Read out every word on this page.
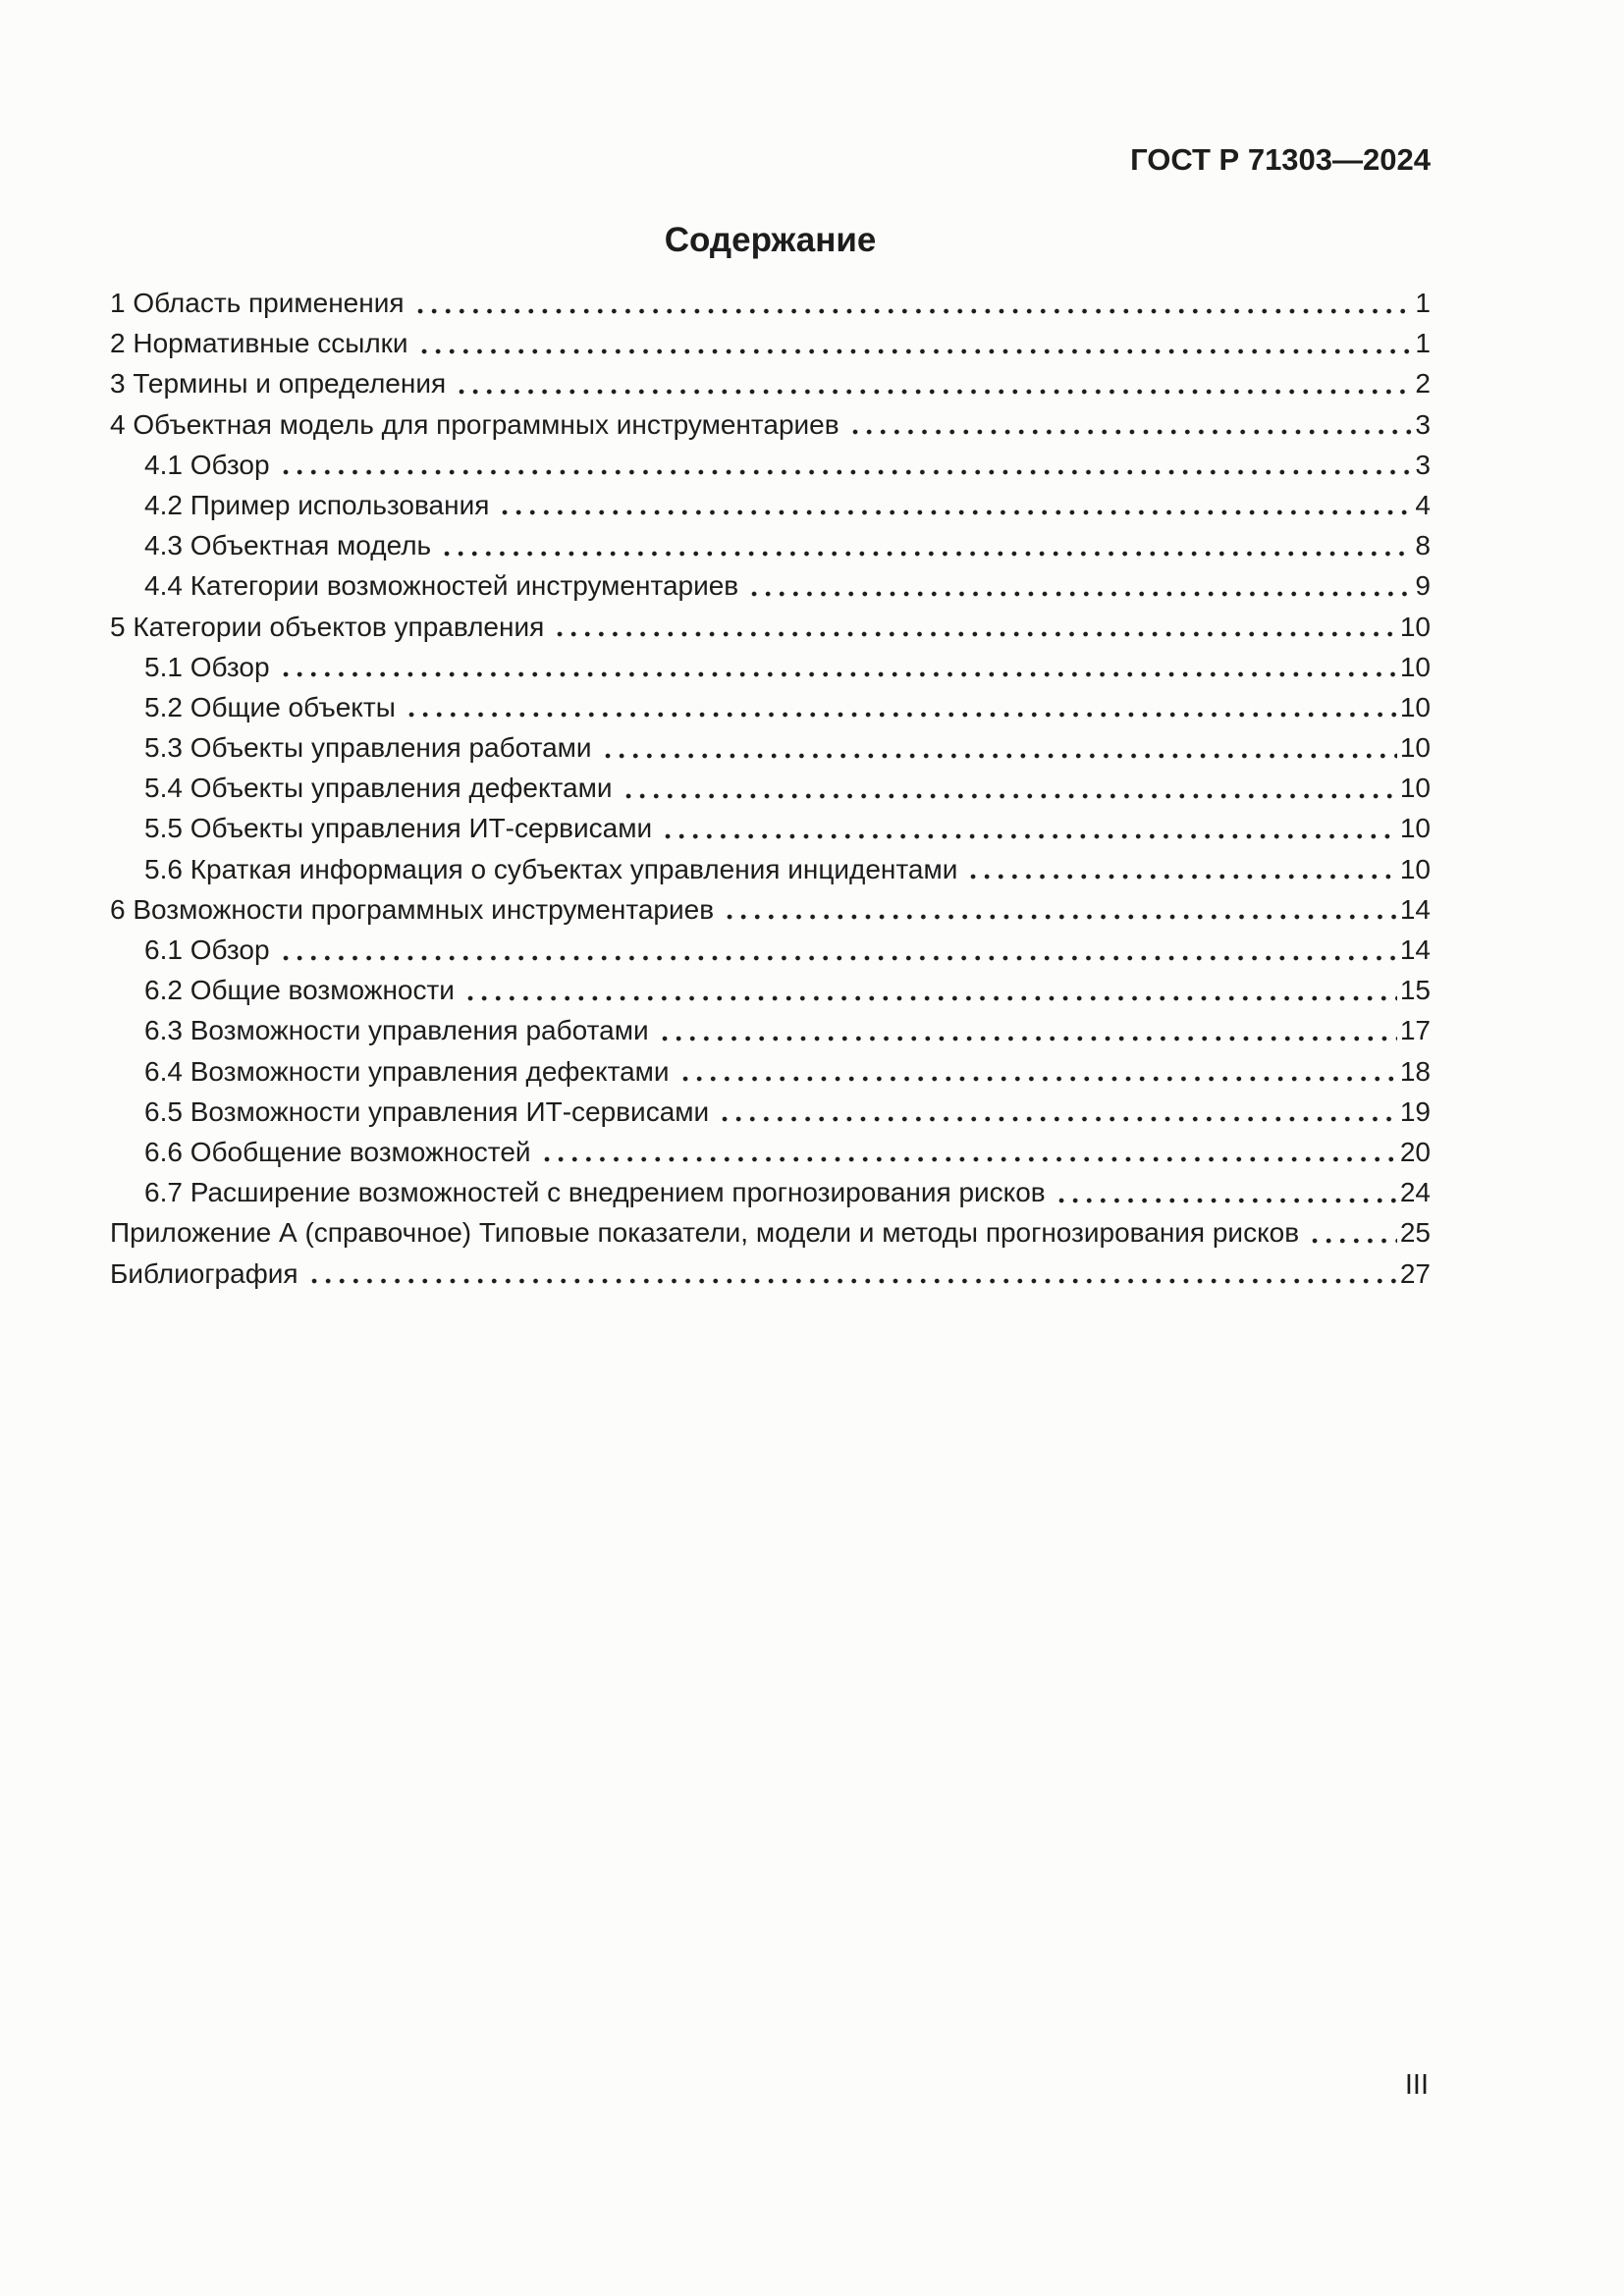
ГОСТ Р 71303—2024
Содержание
1 Область применения	1
2 Нормативные ссылки	1
3 Термины и определения	2
4 Объектная модель для программных инструментариев	3
4.1 Обзор	3
4.2 Пример использования	4
4.3 Объектная модель	8
4.4 Категории возможностей инструментариев	9
5 Категории объектов управления	10
5.1 Обзор	10
5.2 Общие объекты	10
5.3 Объекты управления работами	10
5.4 Объекты управления дефектами	10
5.5 Объекты управления ИТ-сервисами	10
5.6 Краткая информация о субъектах управления инцидентами	10
6 Возможности программных инструментариев	14
6.1 Обзор	14
6.2 Общие возможности	15
6.3 Возможности управления работами	17
6.4 Возможности управления дефектами	18
6.5 Возможности управления ИТ-сервисами	19
6.6 Обобщение возможностей	20
6.7 Расширение возможностей с внедрением прогнозирования рисков	24
Приложение А (справочное) Типовые показатели, модели и методы прогнозирования рисков	25
Библиография	27
III
